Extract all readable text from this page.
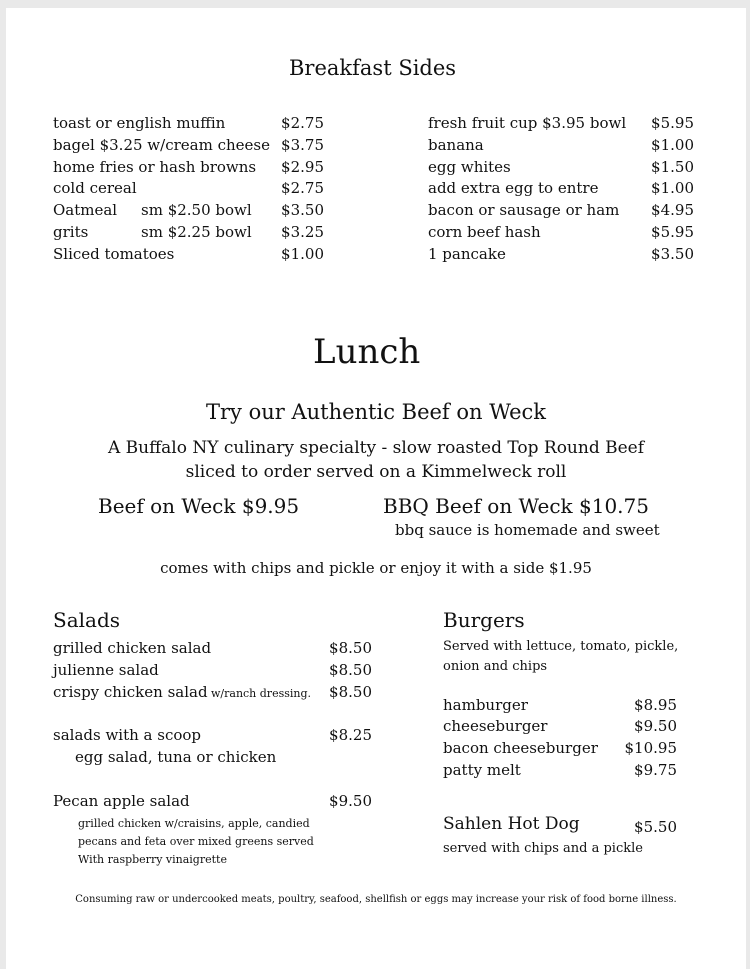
Breakfast Sides
toast or english muffin	$2.75
bagel $3.25 w/cream cheese $3.75
home fries or hash browns	$2.95
cold cereal	$2.75
Oatmeal sm $2.50 bowl	$3.50
grits	sm $2.25 bowl	$3.25
Sliced tomatoes	$1.00
fresh fruit cup $3.95 bowl	$5.95
banana	$1.00
egg whites	$1.50
add extra egg to entre	$1.00
bacon or sausage or ham	$4.95
corn beef hash	$5.95
1 pancake	$3.50
Lunch
Try our Authentic Beef on Weck
A Buffalo NY culinary specialty - slow roasted Top Round Beef
sliced to order served on a Kimmelweck roll
Beef on Weck $9.95	BBQ Beef on Weck $10.75
bbq sauce is homemade and sweet
comes with chips and pickle or enjoy it with a side $1.95
Salads
grilled chicken salad	$8.50
julienne salad	$8.50
crispy chicken salad w/ranch dressing.	$8.50
salads with a scoop	$8.25
egg salad, tuna or chicken
Pecan apple salad	$9.50
grilled chicken w/craisins, apple, candied
pecans and feta over mixed greens served
With raspberry vinaigrette
Burgers
Served with lettuce, tomato, pickle,
onion and chips
hamburger	$8.95
cheeseburger	$9.50
bacon cheeseburger	$10.95
patty melt	$9.75
Sahlen Hot Dog	$5.50
served with chips and a pickle
Consuming raw or undercooked meats, poultry, seafood, shellfish or eggs may increase your risk of food borne illness.
